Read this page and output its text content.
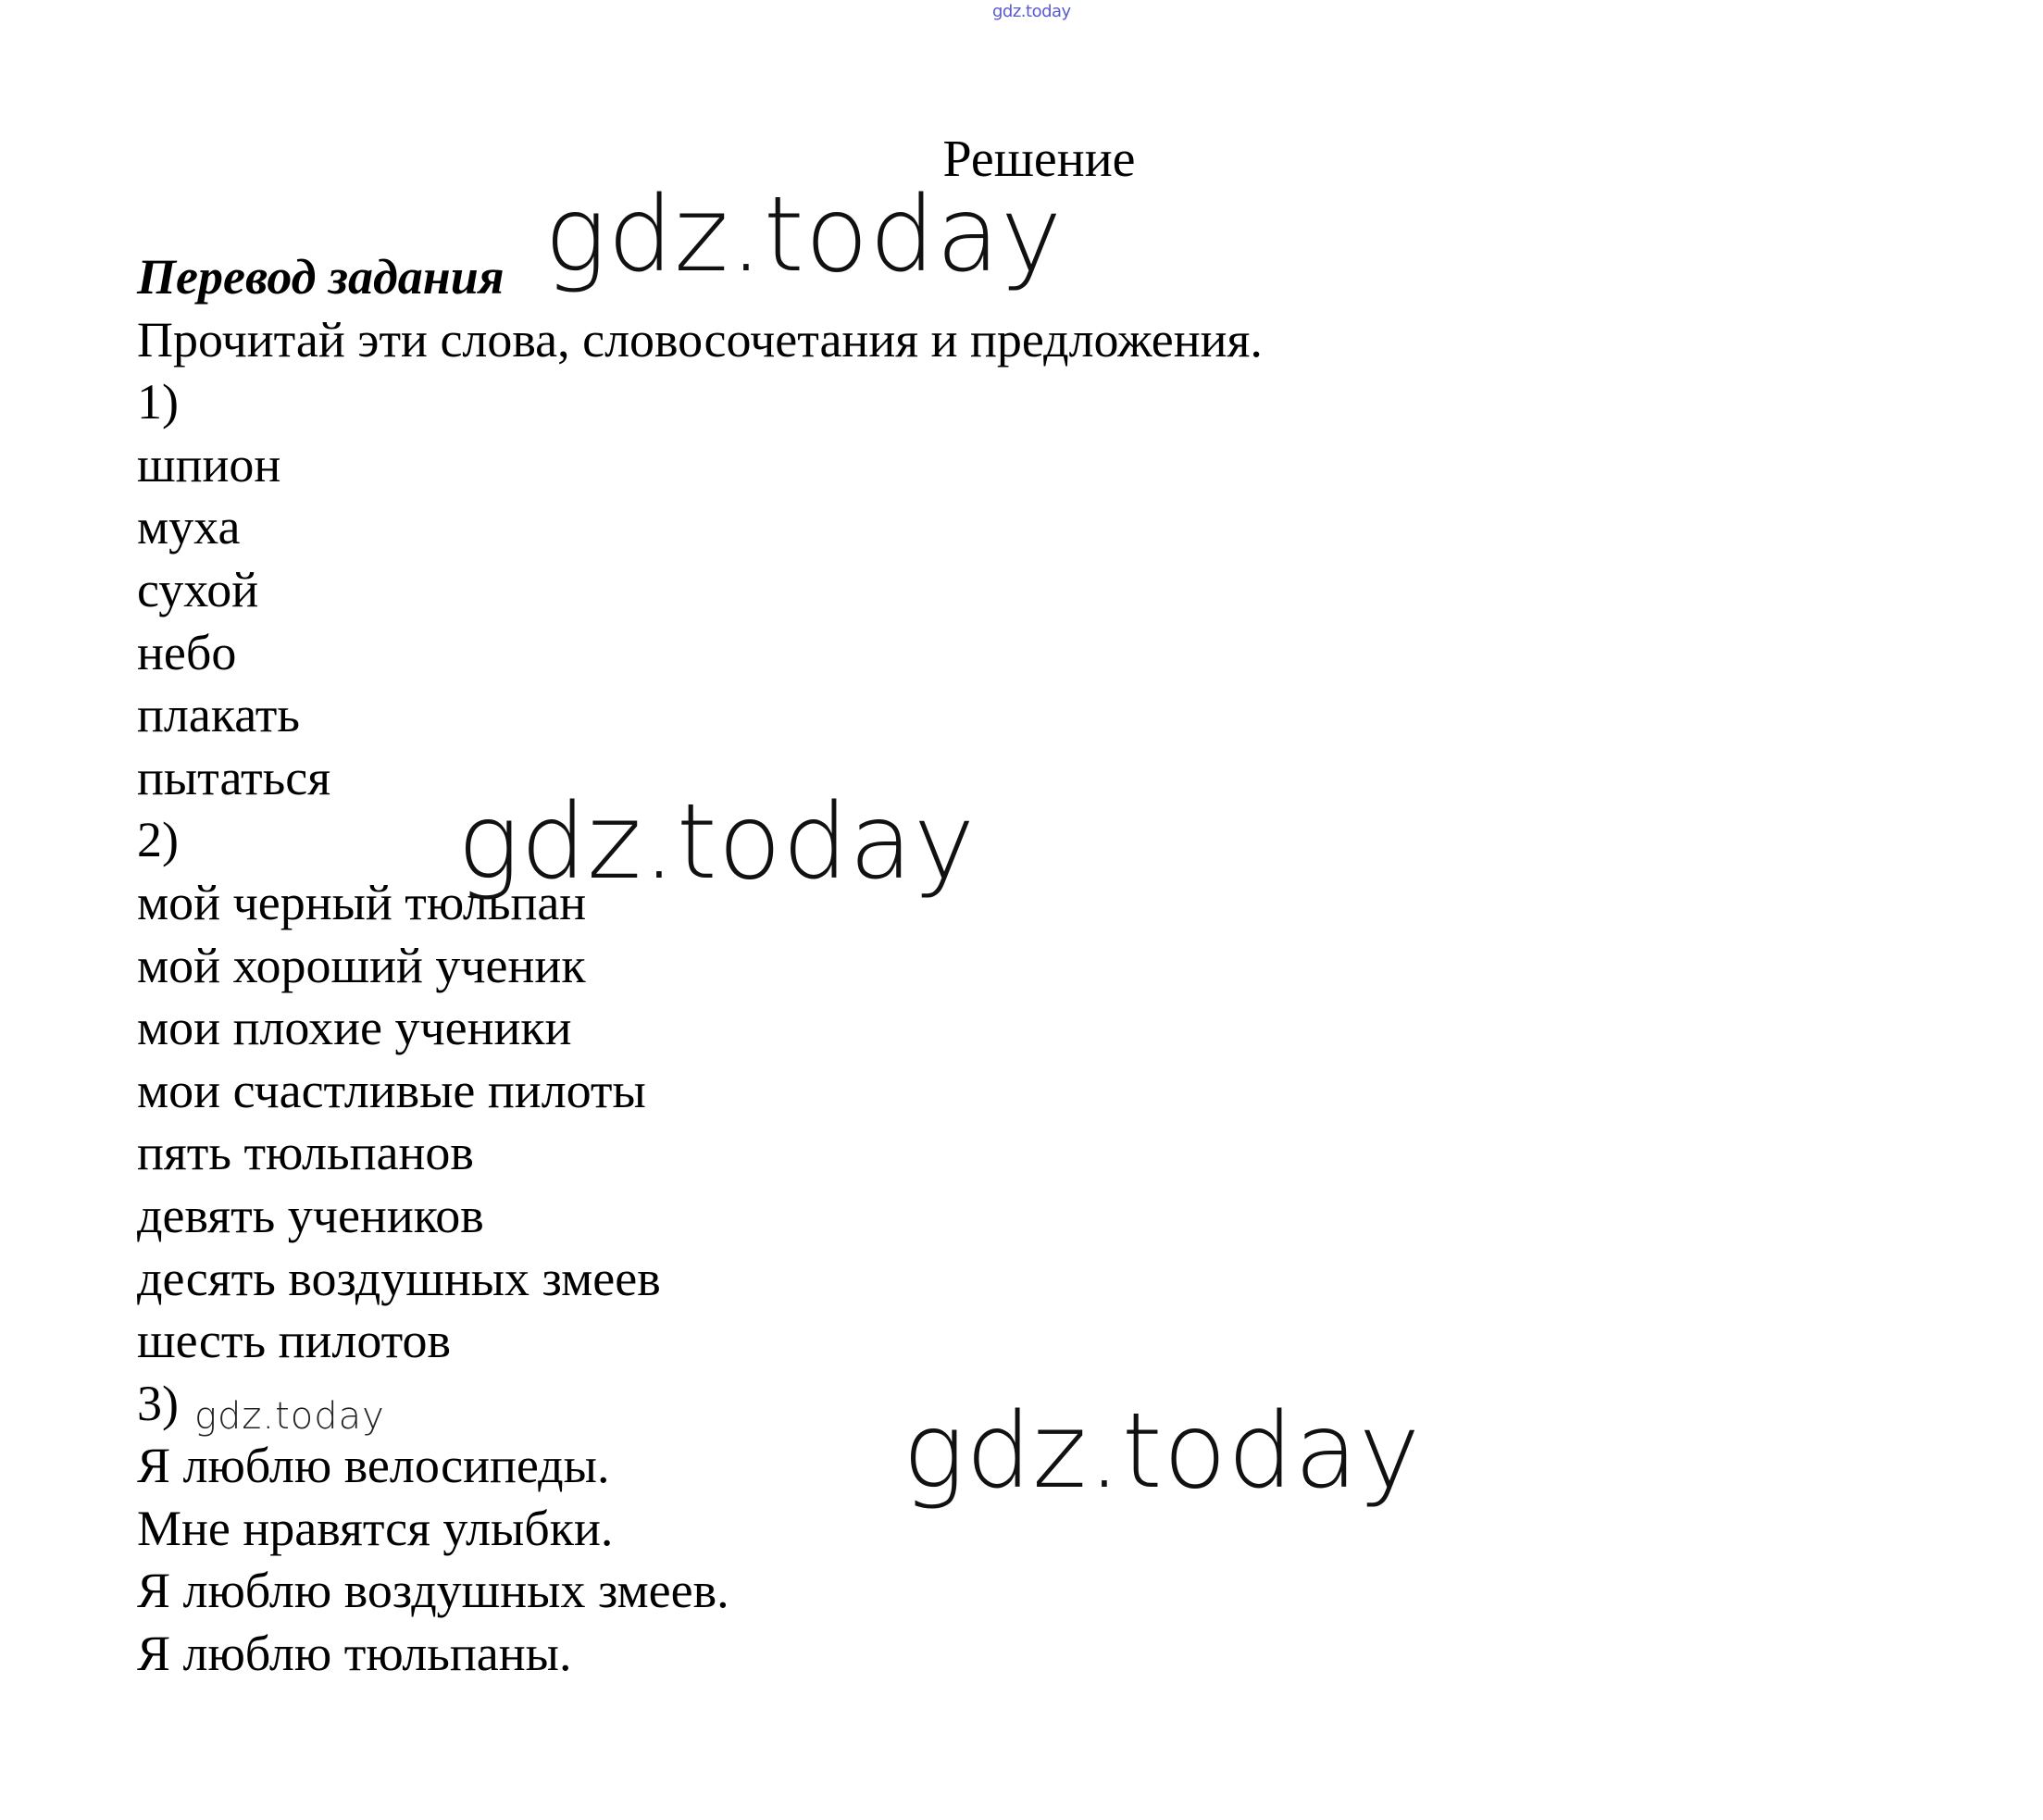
gdz.today
Решение
Перевод задания
Прочитай эти слова, словосочетания и предложения.
1)
шпион
муха
сухой
небо
плакать
пытаться
2)
мой черный тюльпан
мой хороший ученик
мои плохие ученики
мои счастливые пилоты
пять тюльпанов
девять учеников
десять воздушных змеев
шесть пилотов
3)
Я люблю велосипеды.
Мне нравятся улыбки.
Я люблю воздушных змеев.
Я люблю тюльпаны.
gdz.today
gdz.today
gdz.today
gdz.today
